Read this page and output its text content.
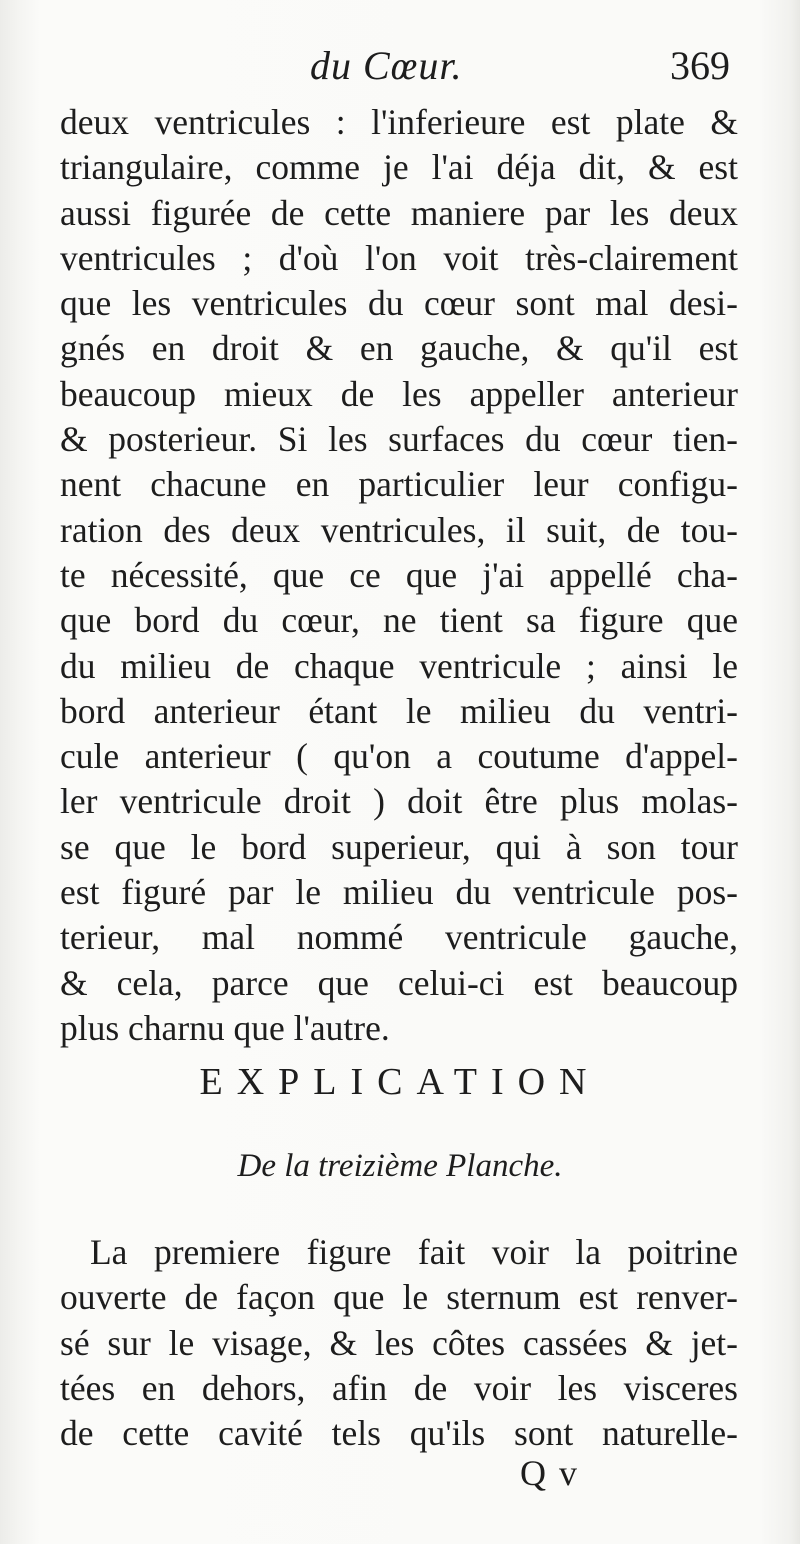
du Cœur.	369
deux ventricules : l'inferieure est plate &
triangulaire, comme je l'ai déja dit, & est
aussi figurée de cette maniere par les deux
ventricules ; d'où l'on voit très-clairement
que les ventricules du cœur sont mal desi-
gnés en droit & en gauche, & qu'il est
beaucoup mieux de les appeller anterieur
& posterieur. Si les surfaces du cœur tien-
nent chacune en particulier leur configu-
ration des deux ventricules, il suit, de tou-
te nécessité, que ce que j'ai appellé cha-
que bord du cœur, ne tient sa figure que
du milieu de chaque ventricule ; ainsi le
bord anterieur étant le milieu du ventri-
cule anterieur ( qu'on a coutume d'appel-
ler ventricule droit ) doit être plus molas-
se que le bord superieur, qui à son tour
est figuré par le milieu du ventricule pos-
terieur, mal nommé ventricule gauche,
& cela, parce que celui-ci est beaucoup
plus charnu que l'autre.
EXPLICATION
De la treizième Planche.
La premiere figure fait voir la poitrine
ouverte de façon que le sternum est renver-
sé sur le visage, & les côtes cassées & jet-
tées en dehors, afin de voir les visceres
de cette cavité tels qu'ils sont naturelle-
Q v
